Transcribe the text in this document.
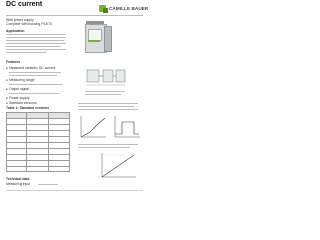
DC current
CAMILLE BAUER
With power supply
Complete with housing P13/70
Application
Features
■ Measured variable: DC current
■ Measuring range
■ Output signal
■ Power supply
■ Standard versions
Table 1: Standard versions
Technical data
Measuring input
